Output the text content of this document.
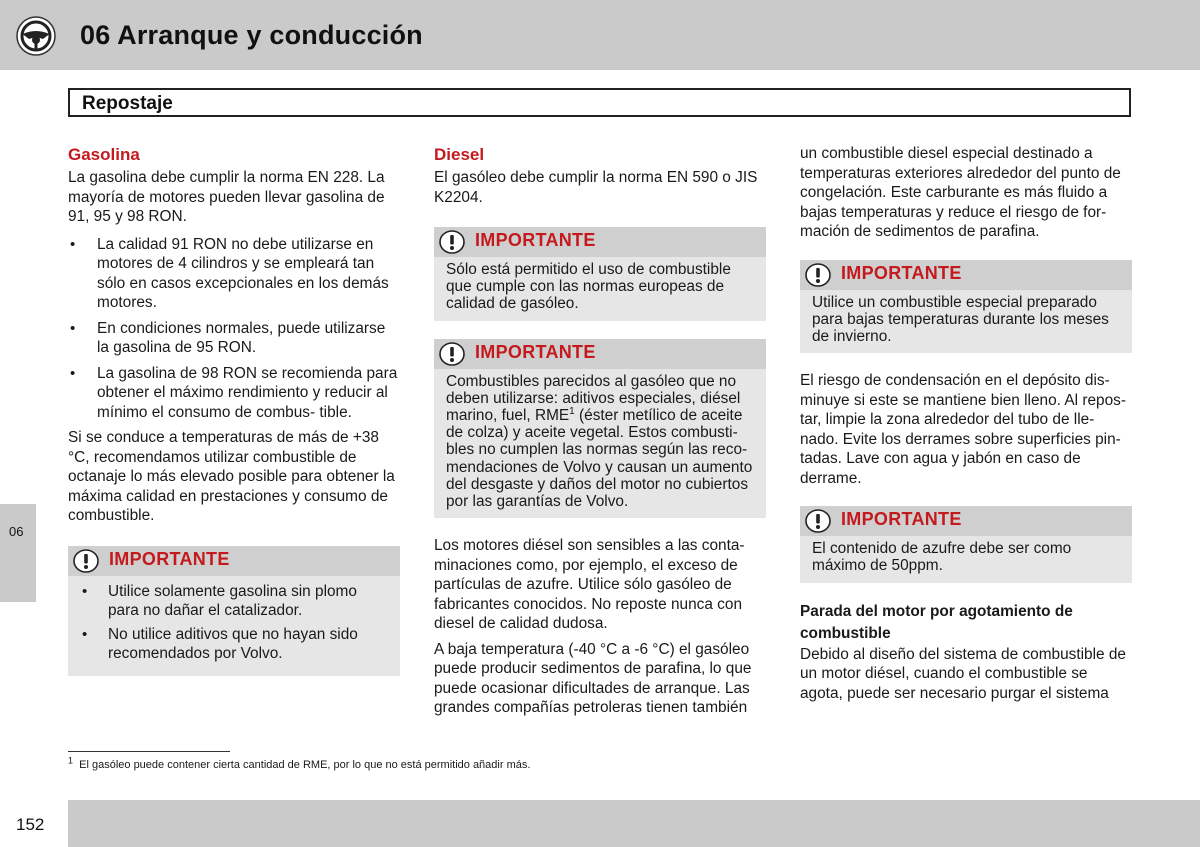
06 Arranque y conducción
Repostaje
06
Gasolina
La gasolina debe cumplir la norma EN 228. La mayoría de motores pueden llevar gasolina de 91, 95 y 98 RON.
• La calidad 91 RON no debe utilizarse en motores de 4 cilindros y se empleará tan sólo en casos excepcionales en los demás motores.
• En condiciones normales, puede utilizarse la gasolina de 95 RON.
• La gasolina de 98 RON se recomienda para obtener el máximo rendimiento y reducir al mínimo el consumo de combus- tible.
Si se conduce a temperaturas de más de +38 °C, recomendamos utilizar combustible de octanaje lo más elevado posible para obtener la máxima calidad en prestaciones y consumo de combustible.
IMPORTANTE
• Utilice solamente gasolina sin plomo para no dañar el catalizador.
• No utilice aditivos que no hayan sido recomendados por Volvo.
Diesel
El gasóleo debe cumplir la norma EN 590 o JIS K2204.
IMPORTANTE
Sólo está permitido el uso de combustible que cumple con las normas europeas de calidad de gasóleo.
IMPORTANTE
Combustibles parecidos al gasóleo que no deben utilizarse: aditivos especiales, diésel marino, fuel, RME$^1$ (éster metílico de aceite de colza) y aceite vegetal. Estos combusti- bles no cumplen las normas según las reco- mendaciones de Volvo y causan un aumento del desgaste y daños del motor no cubiertos por las garantías de Volvo.
Los motores diésel son sensibles a las conta- minaciones como, por ejemplo, el exceso de partículas de azufre. Utilice sólo gasóleo de fabricantes conocidos. No reposte nunca con diesel de calidad dudosa.
A baja temperatura (-40 °C a -6 °C) el gasóleo puede producir sedimentos de parafina, lo que puede ocasionar dificultades de arranque. Las grandes compañías petroleras tienen también
un combustible diesel especial destinado a temperaturas exteriores alrededor del punto de congelación. Este carburante es más fluido a bajas temperaturas y reduce el riesgo de for- mación de sedimentos de parafina.
IMPORTANTE
Utilice un combustible especial preparado para bajas temperaturas durante los meses de invierno.
El riesgo de condensación en el depósito dis- minuye si este se mantiene bien lleno. Al repos- tar, limpie la zona alrededor del tubo de lle- nado. Evite los derrames sobre superficies pin- tadas. Lave con agua y jabón en caso de derrame.
IMPORTANTE
El contenido de azufre debe ser como máximo de 50ppm.
Parada del motor por agotamiento de combustible
Debido al diseño del sistema de combustible de un motor diésel, cuando el combustible se agota, puede ser necesario purgar el sistema
$^1$ El gasóleo puede contener cierta cantidad de RME, por lo que no está permitido añadir más.
152
